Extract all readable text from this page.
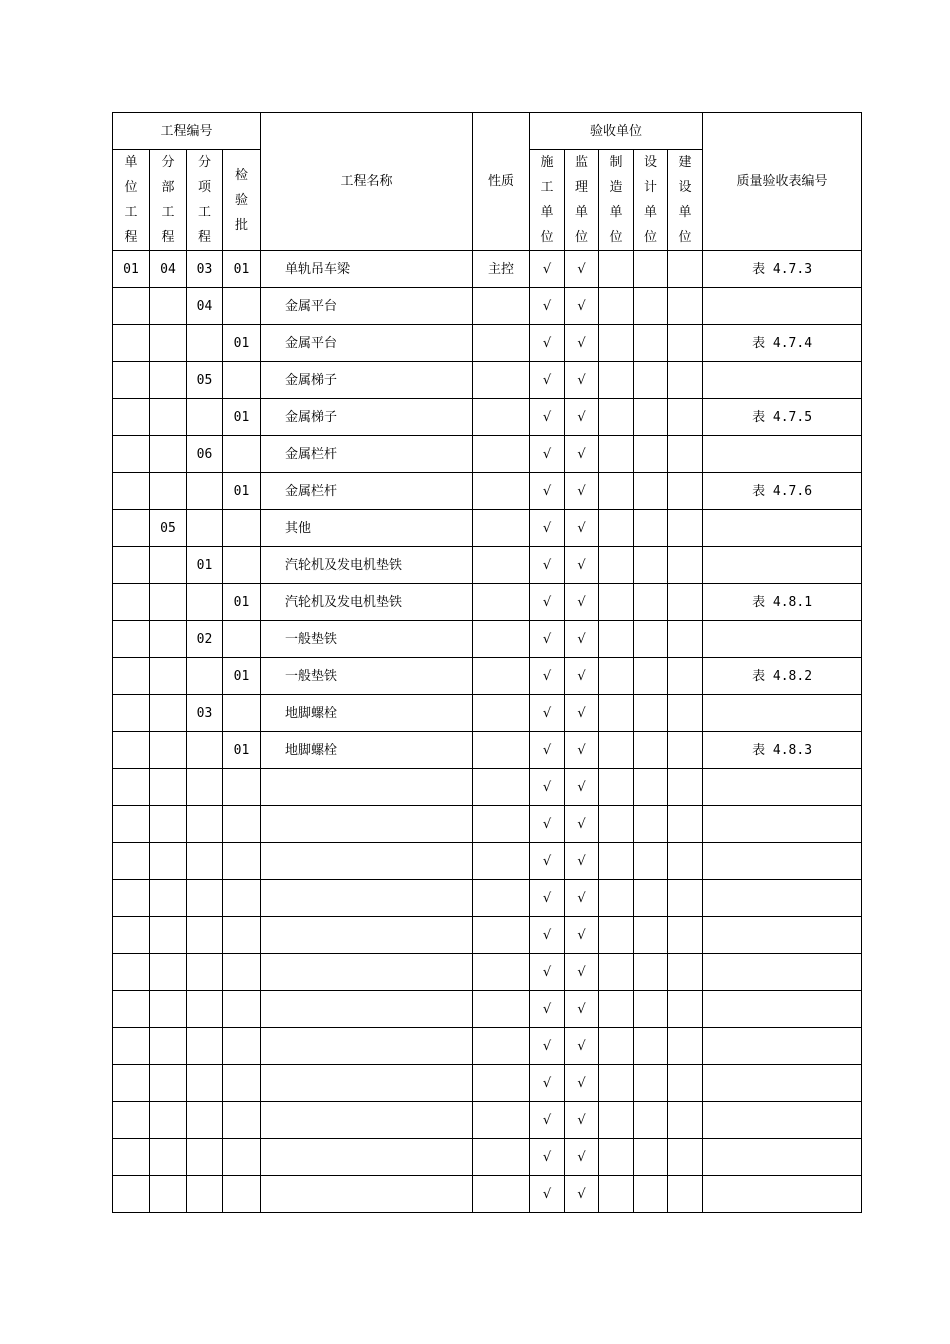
工程编号				工程名称	性质	验收单位					质量验收表编号

单
位
工
程	分
部
工
程	分
项
工
程	检
验
批			施
工
单
位	监
理
单
位	制
造
单
位	设
计
单
位	建
设
单
位	

01	04	03	01	单轨吊车梁	主控	√	√				表 4.7.3
		04		金属平台		√	√				
			01	金属平台		√	√				表 4.7.4
		05		金属梯子		√	√				
			01	金属梯子		√	√				表 4.7.5
		06		金属栏杆		√	√				
			01	金属栏杆		√	√				表 4.7.6
	05			其他		√	√				
		01		汽轮机及发电机垫铁		√	√				
			01	汽轮机及发电机垫铁		√	√				表 4.8.1
		02		一般垫铁		√	√				
			01	一般垫铁		√	√				表 4.8.2
		03		地脚螺栓		√	√				
			01	地脚螺栓		√	√				表 4.8.3
						√	√				
						√	√				
						√	√				
						√	√				
						√	√				
						√	√				
						√	√				
						√	√				
						√	√				
						√	√				
						√	√				
						√	√				
